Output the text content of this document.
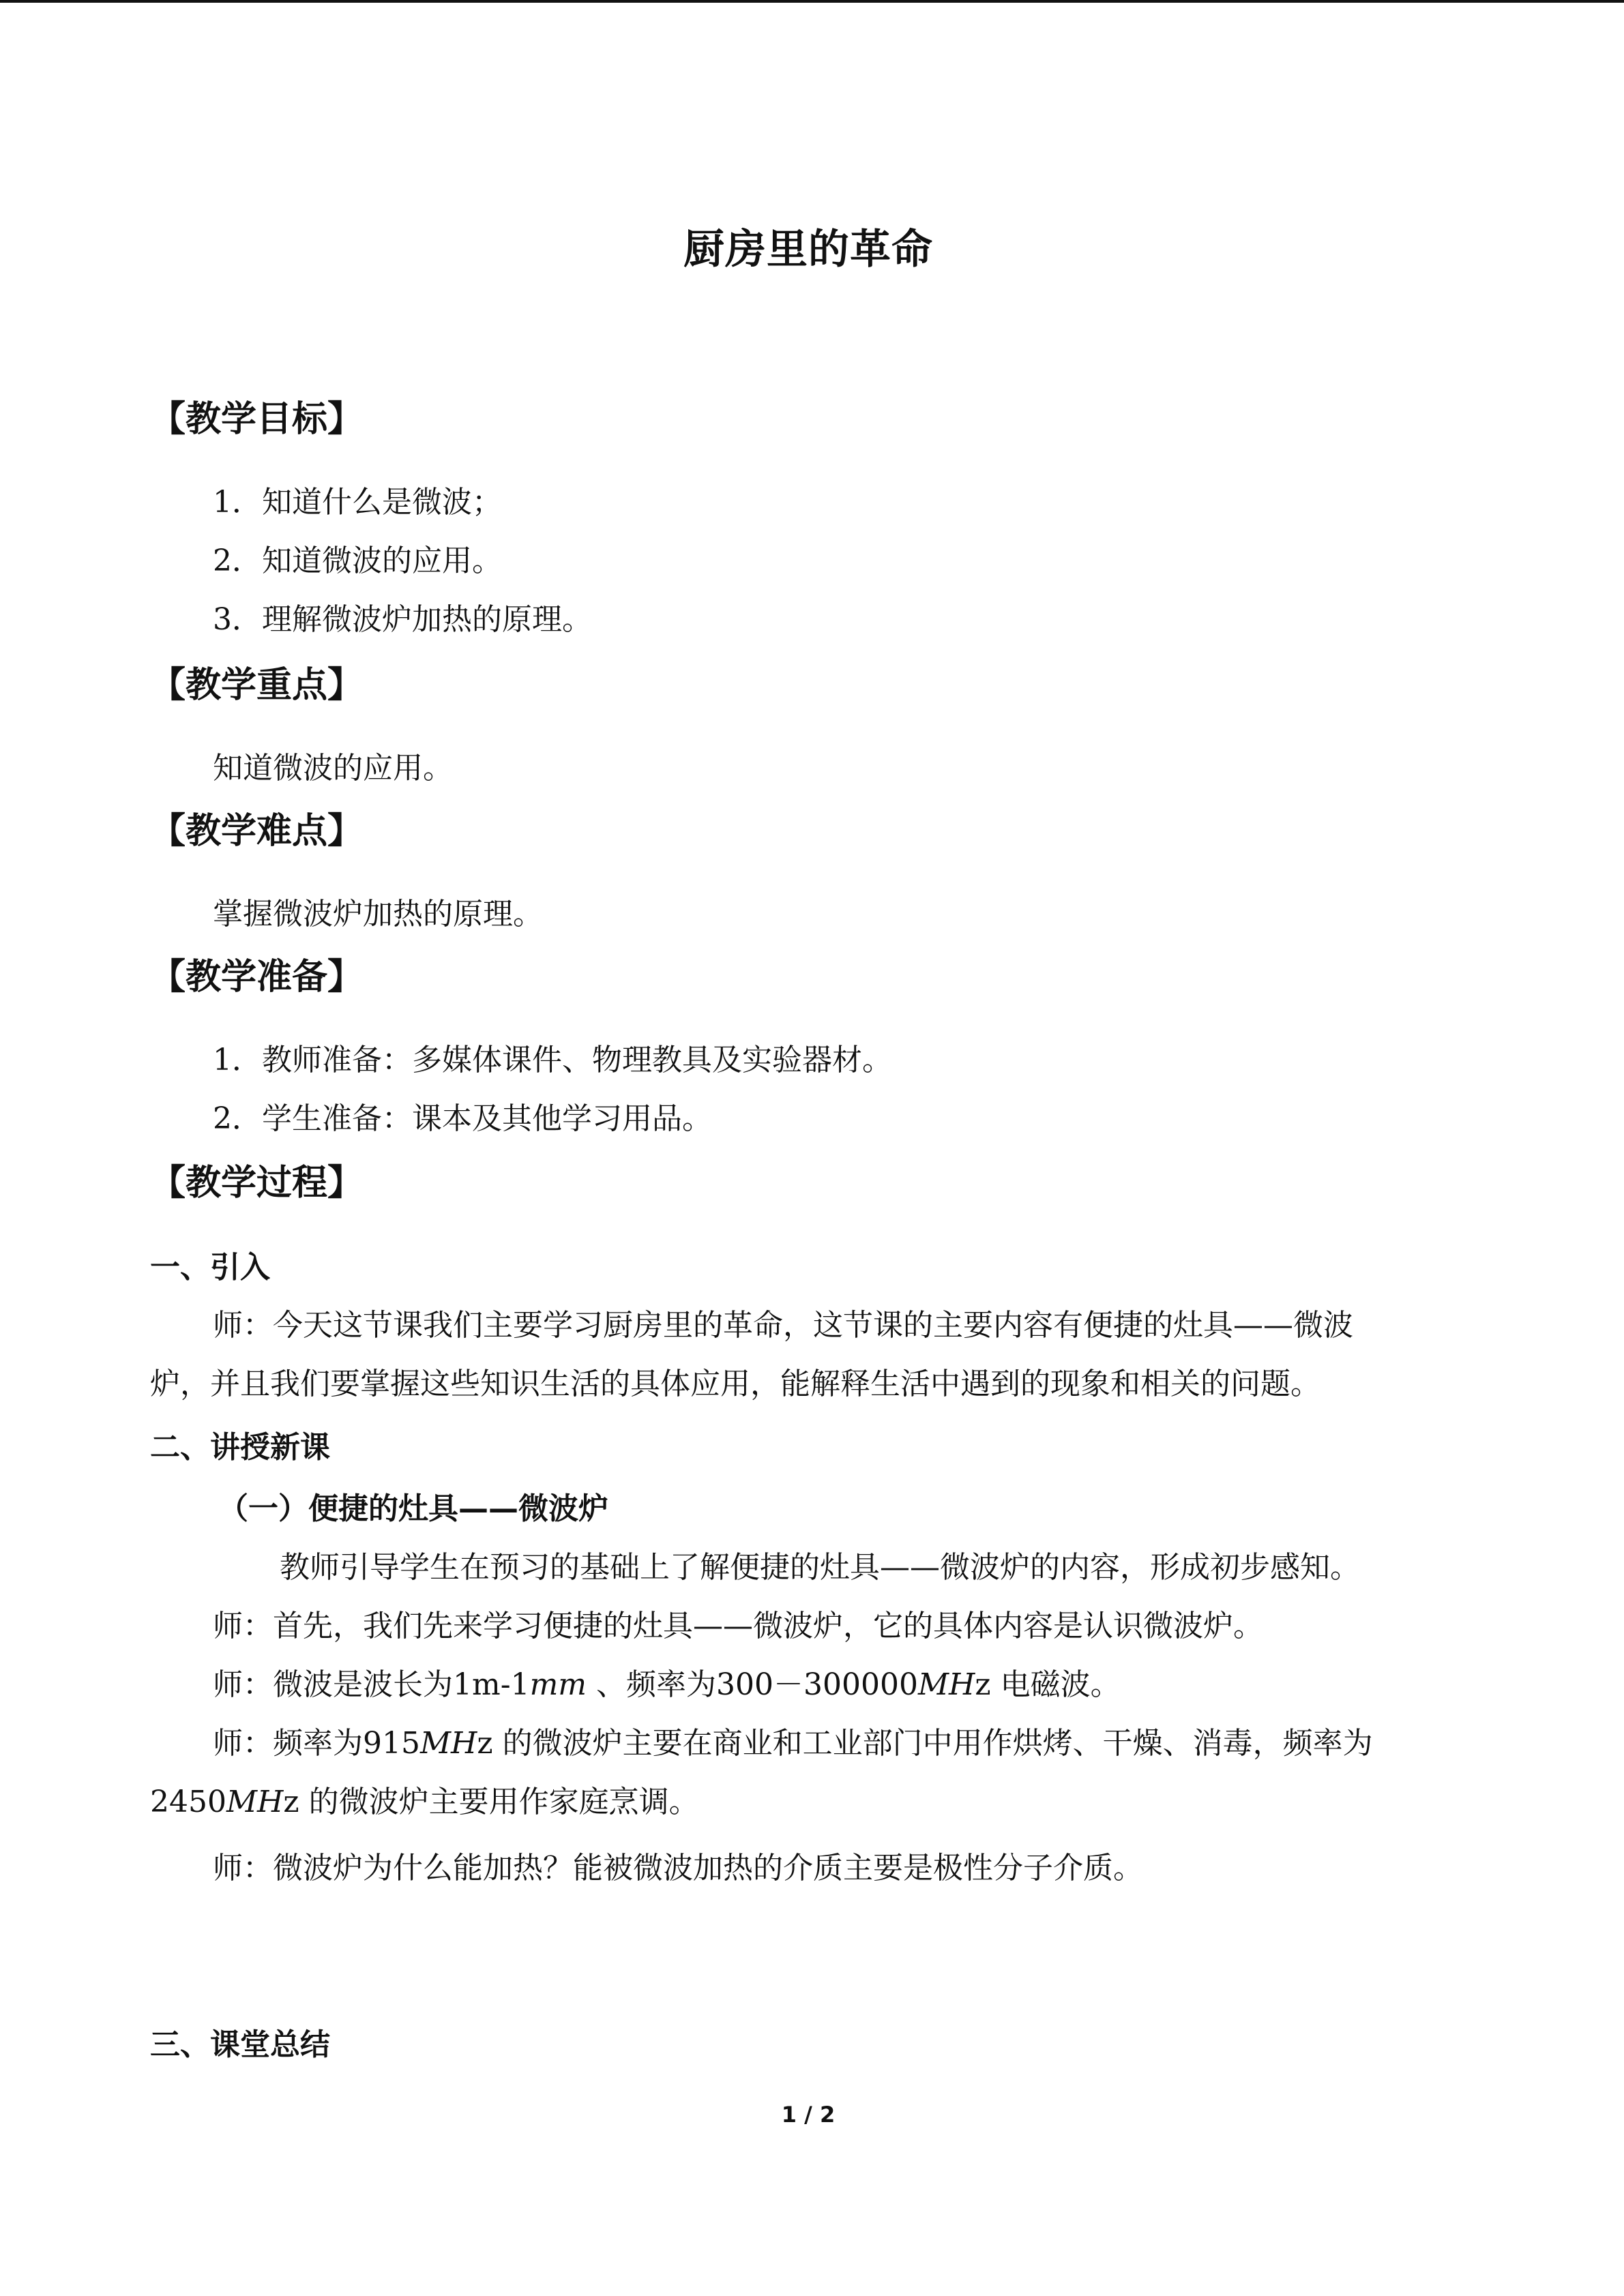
厨房里的革命
【教学目标】
1．知道什么是微波；
2．知道微波的应用。
3．理解微波炉加热的原理。
【教学重点】
知道微波的应用。
【教学难点】
掌握微波炉加热的原理。
【教学准备】
1．教师准备：多媒体课件、物理教具及实验器材。
2．学生准备：课本及其他学习用品。
【教学过程】
一、引入
师：今天这节课我们主要学习厨房里的革命，这节课的主要内容有便捷的灶具——微波
炉，并且我们要掌握这些知识生活的具体应用，能解释生活中遇到的现象和相关的问题。
二、讲授新课
（一）便捷的灶具——微波炉
教师引导学生在预习的基础上了解便捷的灶具——微波炉的内容，形成初步感知。
师：首先，我们先来学习便捷的灶具——微波炉，它的具体内容是认识微波炉。
师：微波是波长为1m-1mm 、频率为300－300000MHz 电磁波。
师：频率为915MHz 的微波炉主要在商业和工业部门中用作烘烤、干燥、消毒，频率为
2450MHz 的微波炉主要用作家庭烹调。
师：微波炉为什么能加热？能被微波加热的介质主要是极性分子介质。
三、课堂总结
1 / 2
